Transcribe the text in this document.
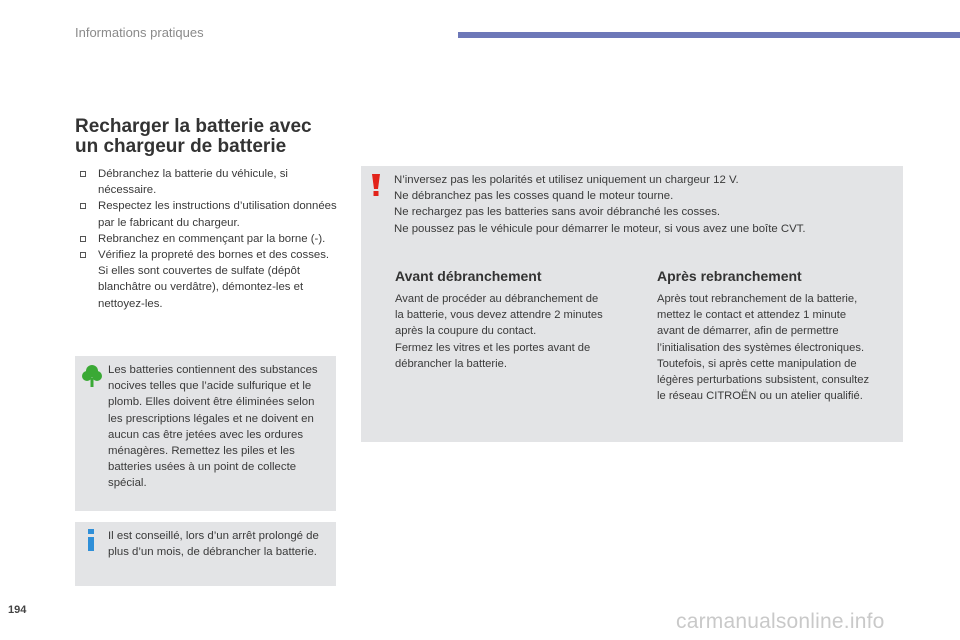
Informations pratiques
Recharger la batterie avec
un chargeur de batterie
Débranchez la batterie du véhicule, si nécessaire.
Respectez les instructions d’utilisation données par le fabricant du chargeur.
Rebranchez en commençant par la borne (-).
Vérifiez la propreté des bornes et des cosses. Si elles sont couvertes de sulfate (dépôt blanchâtre ou verdâtre), démontez-les et nettoyez-les.

Les batteries contiennent des substances nocives telles que l’acide sulfurique et le plomb. Elles doivent être éliminées selon les prescriptions légales et ne doivent en aucun cas être jetées avec les ordures ménagères. Remettez les piles et les batteries usées à un point de collecte spécial.

Il est conseillé, lors d’un arrêt prolongé de plus d’un mois, de débrancher la batterie.

N’inversez pas les polarités et utilisez uniquement un chargeur 12 V.
Ne débranchez pas les cosses quand le moteur tourne.
Ne rechargez pas les batteries sans avoir débranché les cosses.
Ne poussez pas le véhicule pour démarrer le moteur, si vous avez une boîte CVT.

Avant débranchement

Avant de procéder au débranchement de
la batterie, vous devez attendre 2 minutes
après la coupure du contact.
Fermez les vitres et les portes avant de
débrancher la batterie.

Après rebranchement

Après tout rebranchement de la batterie,
mettez le contact et attendez 1 minute
avant de démarrer, afin de permettre
l’initialisation des systèmes électroniques.
Toutefois, si après cette manipulation de
légères perturbations subsistent, consultez
le réseau CITROËN ou un atelier qualifié.

194	carmanualsonline.info
